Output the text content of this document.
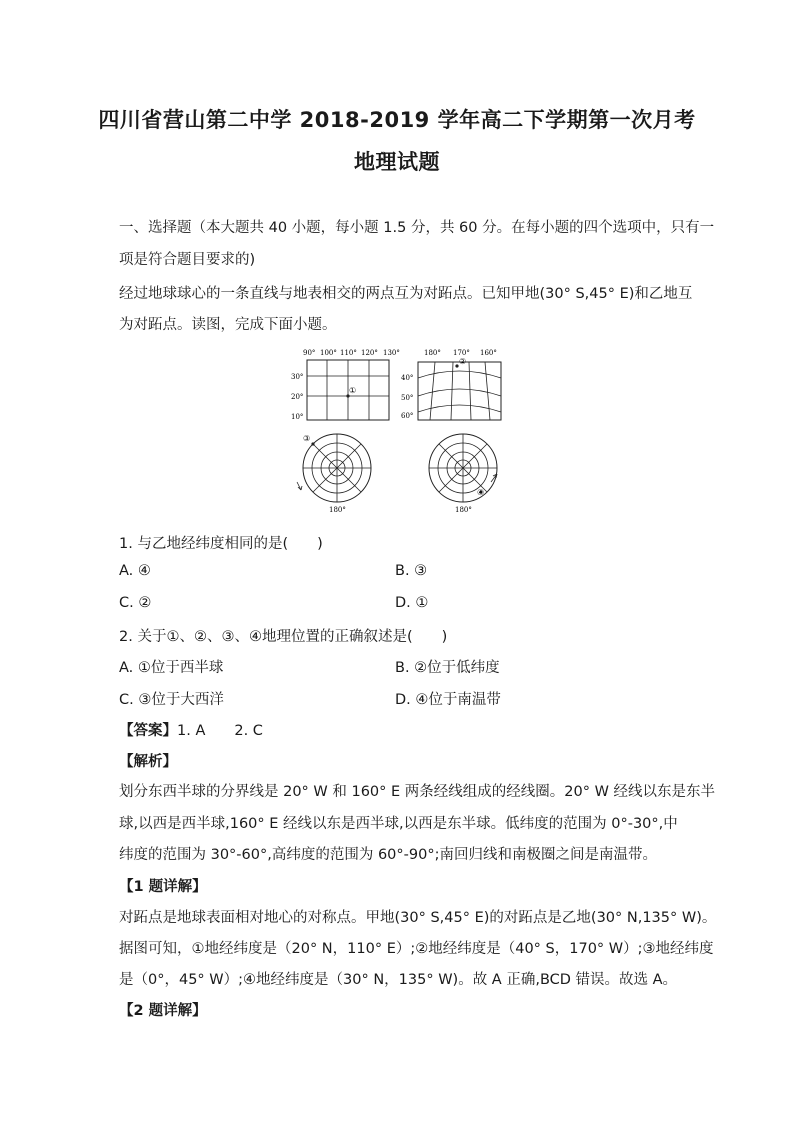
四川省营山第二中学 2018-2019 学年高二下学期第一次月考
地理试题
一、选择题（本大题共 40 小题，每小题 1.5 分，共 60 分。在每小题的四个选项中，只有一
项是符合题目要求的)
经过地球球心的一条直线与地表相交的两点互为对跖点。已知甲地(30° S,45° E)和乙地互
为对跖点。读图，完成下面小题。
90° 100° 110° 120° 130°
30°
20°
10°
①
180° 170° 160°
40°
50°
60°
②
③
180°
④
180°
1. 与乙地经纬度相同的是(　　)
A. ④	B. ③
C. ②	D. ①
2. 关于①、②、③、④地理位置的正确叙述是(　　)
A. ①位于西半球	B. ②位于低纬度
C. ③位于大西洋	D. ④位于南温带
【答案】1. A　　2. C
【解析】
划分东西半球的分界线是 20° W 和 160° E 两条经线组成的经线圈。20° W 经线以东是东半
球,以西是西半球,160° E 经线以东是西半球,以西是东半球。低纬度的范围为 0°-30°,中
纬度的范围为 30°-60°,高纬度的范围为 60°-90°;南回归线和南极圈之间是南温带。
【1 题详解】
对跖点是地球表面相对地心的对称点。甲地(30° S,45° E)的对跖点是乙地(30° N,135° W)。
据图可知，①地经纬度是（20° N，110° E）;②地经纬度是（40° S，170° W）;③地经纬度
是（0°，45° W）;④地经纬度是（30° N，135° W)。故 A 正确,BCD 错误。故选 A。
【2 题详解】
